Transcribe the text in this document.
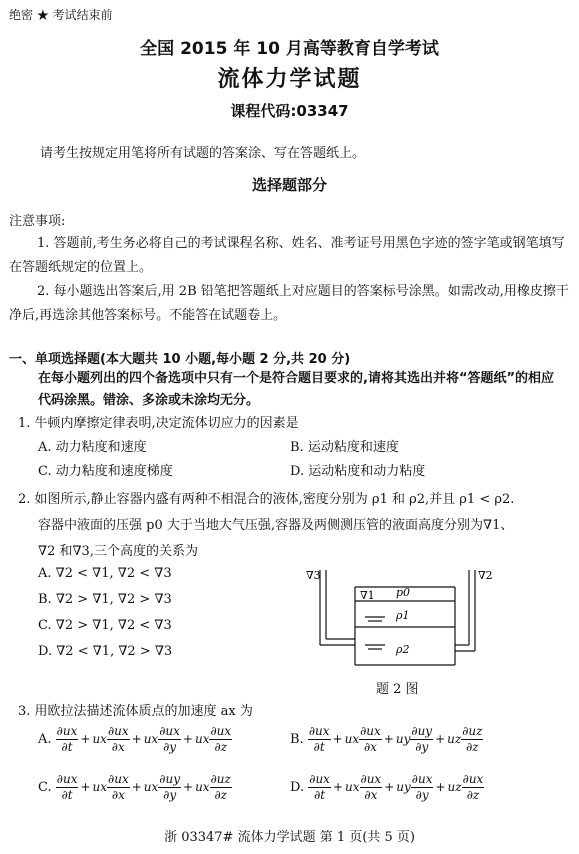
绝密 ★ 考试结束前
全国 2015 年 10 月高等教育自学考试
流体力学试题
课程代码:03347
请考生按规定用笔将所有试题的答案涂、写在答题纸上。
选择题部分
注意事项:
1. 答题前,考生务必将自己的考试课程名称、姓名、准考证号用黑色字迹的签字笔或钢笔填写在答题纸规定的位置上。
2. 每小题选出答案后,用 2B 铅笔把答题纸上对应题目的答案标号涂黑。如需改动,用橡皮擦干净后,再选涂其他答案标号。不能答在试题卷上。
一、单项选择题(本大题共 10 小题,每小题 2 分,共 20 分)
在每小题列出的四个备选项中只有一个是符合题目要求的,请将其选出并将“答题纸”的相应代码涂黑。错涂、多涂或未涂均无分。
1. 牛顿内摩擦定律表明,决定流体切应力的因素是
A. 动力粘度和速度	B. 运动粘度和速度
C. 动力粘度和速度梯度	D. 运动粘度和动力粘度
2. 如图所示,静止容器内盛有两种不相混合的液体,密度分别为 ρ1 和 ρ2,并且 ρ1 < ρ2.
容器中液面的压强 p0 大于当地大气压强,容器及两侧测压管的液面高度分别为∇1、
∇2 和∇3,三个高度的关系为
A. ∇2 < ∇1, ∇2 < ∇3
B. ∇2 > ∇1, ∇2 > ∇3
C. ∇2 > ∇1, ∇2 < ∇3
D. ∇2 < ∇1, ∇2 > ∇3
∇3	∇2
∇1 p0
ρ1
ρ2
题 2 图
3. 用欧拉法描述流体质点的加速度 ax 为
A. $\frac{\partial ux}{\partial t}$ + ux $\frac{\partial ux}{\partial x}$ + ux $\frac{\partial ux}{\partial y}$ + ux $\frac{\partial ux}{\partial z}$	B. $\frac{\partial ux}{\partial t}$ + ux $\frac{\partial ux}{\partial x}$ + uy $\frac{\partial uy}{\partial y}$ + uz $\frac{\partial uz}{\partial z}$
C. $\frac{\partial ux}{\partial t}$ + ux $\frac{\partial ux}{\partial x}$ + ux $\frac{\partial uy}{\partial y}$ + ux $\frac{\partial uz}{\partial z}$	D. $\frac{\partial ux}{\partial t}$ + ux $\frac{\partial ux}{\partial x}$ + uy $\frac{\partial ux}{\partial y}$ + uz $\frac{\partial ux}{\partial z}$
浙 03347# 流体力学试题 第 1 页(共 5 页)
